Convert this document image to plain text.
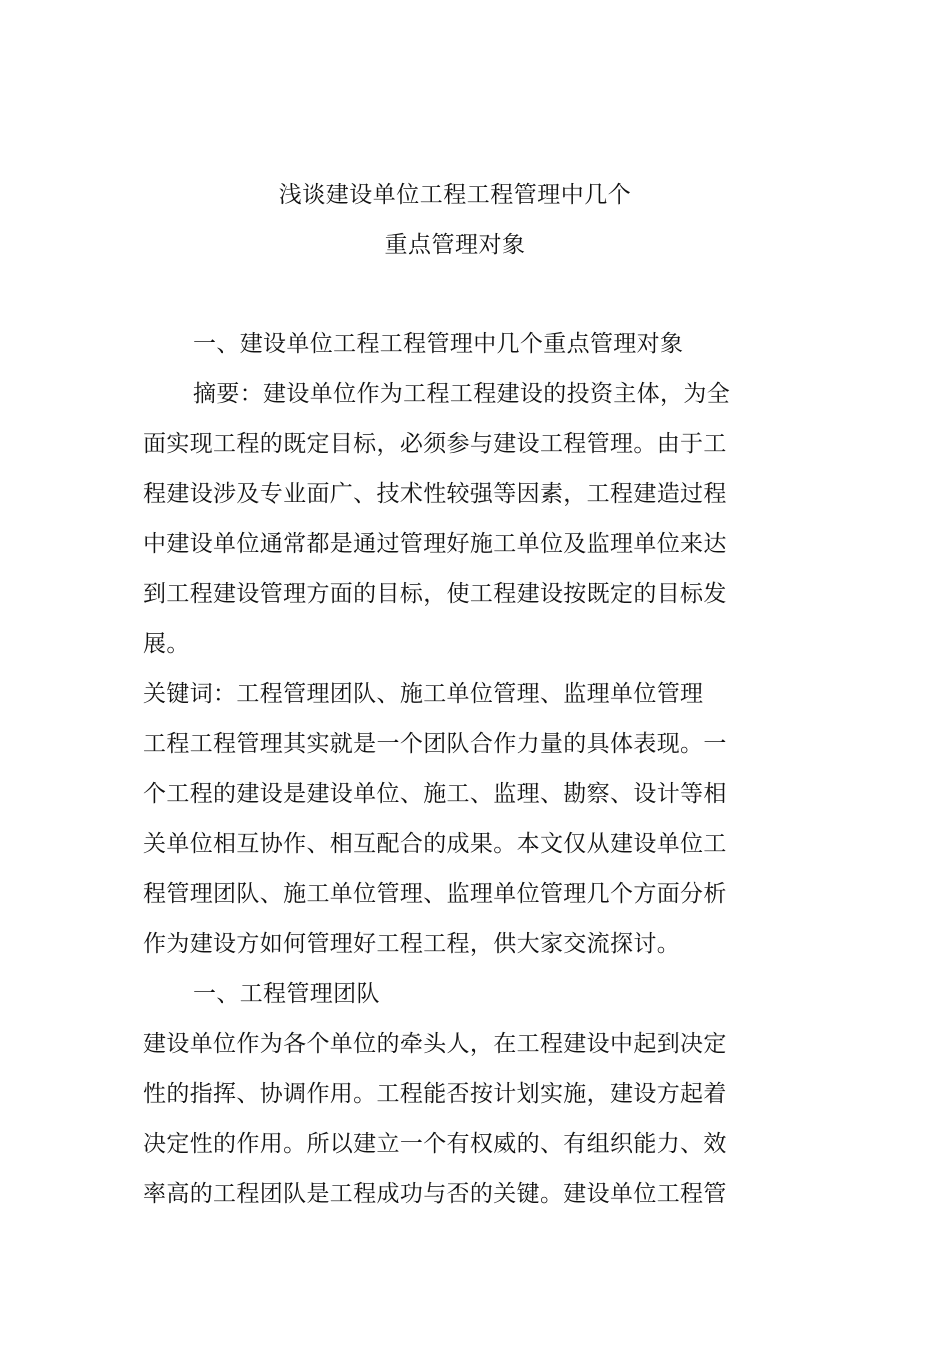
浅谈建设单位工程工程管理中几个
重点管理对象
一、建设单位工程工程管理中几个重点管理对象
摘要：建设单位作为工程工程建设的投资主体，为全
面实现工程的既定目标，必须参与建设工程管理。由于工
程建设涉及专业面广、技术性较强等因素，工程建造过程
中建设单位通常都是通过管理好施工单位及监理单位来达
到工程建设管理方面的目标，使工程建设按既定的目标发
展。
关键词：工程管理团队、施工单位管理、监理单位管理
工程工程管理其实就是一个团队合作力量的具体表现。一
个工程的建设是建设单位、施工、监理、勘察、设计等相
关单位相互协作、相互配合的成果。本文仅从建设单位工
程管理团队、施工单位管理、监理单位管理几个方面分析
作为建设方如何管理好工程工程，供大家交流探讨。
一、工程管理团队
建设单位作为各个单位的牵头人，在工程建设中起到决定
性的指挥、协调作用。工程能否按计划实施，建设方起着
决定性的作用。所以建立一个有权威的、有组织能力、效
率高的工程团队是工程成功与否的关键。建设单位工程管
